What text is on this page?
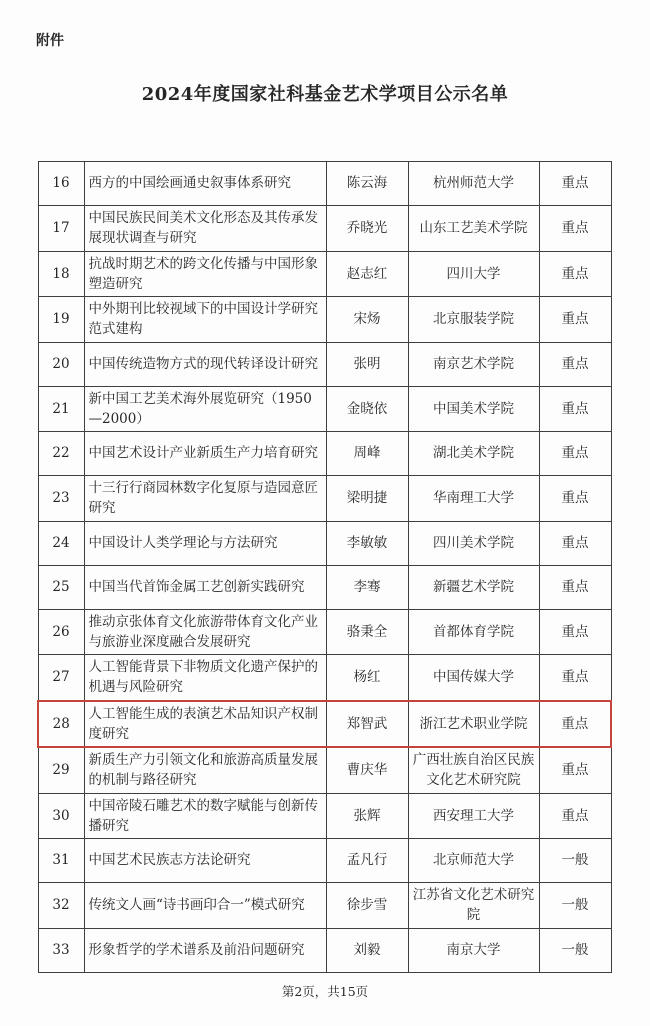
附件
2024年度国家社科基金艺术学项目公示名单
16	西方的中国绘画通史叙事体系研究	陈云海	杭州师范大学	重点
17	中国民族民间美术文化形态及其传承发展现状调查与研究	乔晓光	山东工艺美术学院	重点
18	抗战时期艺术的跨文化传播与中国形象塑造研究	赵志红	四川大学	重点
19	中外期刊比较视域下的中国设计学研究范式建构	宋炀	北京服装学院	重点
20	中国传统造物方式的现代转译设计研究	张明	南京艺术学院	重点
21	新中国工艺美术海外展览研究（1950—2000）	金晓依	中国美术学院	重点
22	中国艺术设计产业新质生产力培育研究	周峰	湖北美术学院	重点
23	十三行行商园林数字化复原与造园意匠研究	梁明捷	华南理工大学	重点
24	中国设计人类学理论与方法研究	李敏敏	四川美术学院	重点
25	中国当代首饰金属工艺创新实践研究	李骞	新疆艺术学院	重点
26	推动京张体育文化旅游带体育文化产业与旅游业深度融合发展研究	骆秉全	首都体育学院	重点
27	人工智能背景下非物质文化遗产保护的机遇与风险研究	杨红	中国传媒大学	重点
28	人工智能生成的表演艺术品知识产权制度研究	郑智武	浙江艺术职业学院	重点
29	新质生产力引领文化和旅游高质量发展的机制与路径研究	曹庆华	广西壮族自治区民族文化艺术研究院	重点
30	中国帝陵石雕艺术的数字赋能与创新传播研究	张辉	西安理工大学	重点
31	中国艺术民族志方法论研究	孟凡行	北京师范大学	一般
32	传统文人画“诗书画印合一”模式研究	徐步雪	江苏省文化艺术研究院	一般
33	形象哲学的学术谱系及前沿问题研究	刘毅	南京大学	一般
第2页，共15页
